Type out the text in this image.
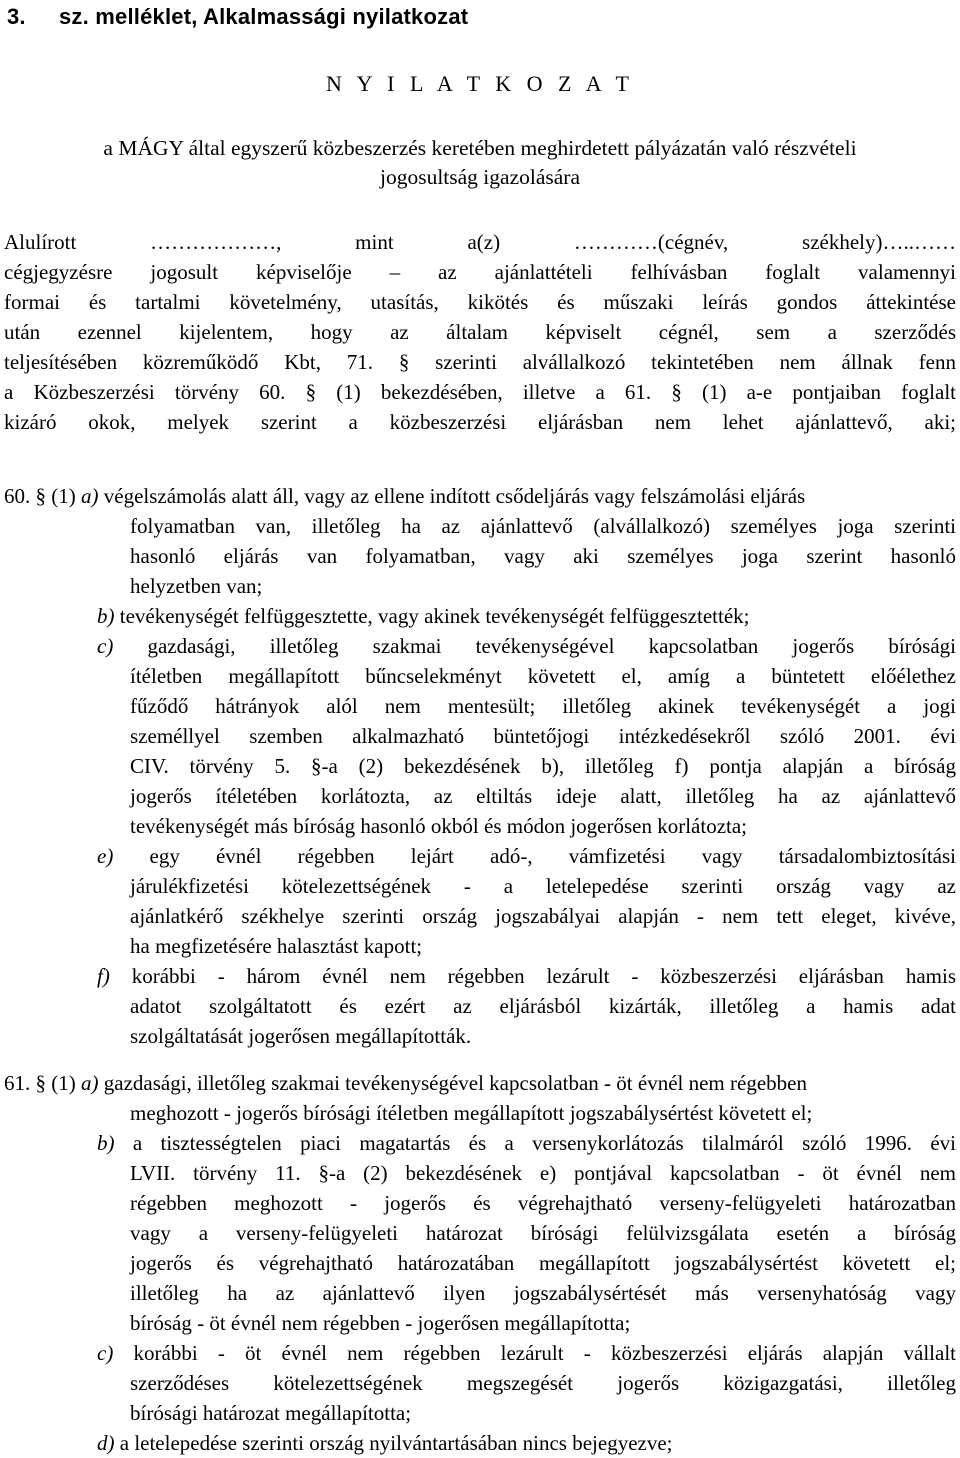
3. sz. melléklet, Alkalmassági nyilatkozat
N Y I L A T K O Z A T
a MÁGY által egyszerű közbeszerzés keretében meghirdetett pályázatán való részvételi
jogosultság igazolására
Alulírott ………………, mint a(z) …………(cégnév, székhely)…..……
cégjegyzésre jogosult képviselője – az ajánlattételi felhívásban foglalt valamennyi
formai és tartalmi követelmény, utasítás, kikötés és műszaki leírás gondos áttekintése
után ezennel kijelentem, hogy az általam képviselt cégnél, sem a szerződés
teljesítésében közreműködő Kbt, 71. § szerinti alvállalkozó tekintetében nem állnak fenn
a Közbeszerzési törvény 60. § (1) bekezdésében, illetve a 61. § (1) a-e pontjaiban foglalt
kizáró okok, melyek szerint a közbeszerzési eljárásban nem lehet ajánlattevő, aki;
60. § (1) a) végelszámolás alatt áll, vagy az ellene indított csődeljárás vagy felszámolási eljárás
folyamatban van, illetőleg ha az ajánlattevő (alvállalkozó) személyes joga szerinti
hasonló eljárás van folyamatban, vagy aki személyes joga szerint hasonló
helyzetben van;
b) tevékenységét felfüggesztette, vagy akinek tevékenységét felfüggesztették;
c) gazdasági, illetőleg szakmai tevékenységével kapcsolatban jogerős bírósági
ítéletben megállapított bűncselekményt követett el, amíg a büntetett előélethez
fűződő hátrányok alól nem mentesült; illetőleg akinek tevékenységét a jogi
személlyel szemben alkalmazható büntetőjogi intézkedésekről szóló 2001. évi
CIV. törvény 5. §-a (2) bekezdésének b), illetőleg f) pontja alapján a bíróság
jogerős ítéletében korlátozta, az eltiltás ideje alatt, illetőleg ha az ajánlattevő
tevékenységét más bíróság hasonló okból és módon jogerősen korlátozta;
e) egy évnél régebben lejárt adó-, vámfizetési vagy társadalombiztosítási
járulékfizetési kötelezettségének - a letelepedése szerinti ország vagy az
ajánlatkérő székhelye szerinti ország jogszabályai alapján - nem tett eleget, kivéve,
ha megfizetésére halasztást kapott;
f) korábbi - három évnél nem régebben lezárult - közbeszerzési eljárásban hamis
adatot szolgáltatott és ezért az eljárásból kizárták, illetőleg a hamis adat
szolgáltatását jogerősen megállapították.
61. § (1) a) gazdasági, illetőleg szakmai tevékenységével kapcsolatban - öt évnél nem régebben
meghozott - jogerős bírósági ítéletben megállapított jogszabálysértést követett el;
b) a tisztességtelen piaci magatartás és a versenykorlátozás tilalmáról szóló 1996. évi
LVII. törvény 11. §-a (2) bekezdésének e) pontjával kapcsolatban - öt évnél nem
régebben meghozott - jogerős és végrehajtható verseny-felügyeleti határozatban
vagy a verseny-felügyeleti határozat bírósági felülvizsgálata esetén a bíróság
jogerős és végrehajtható határozatában megállapított jogszabálysértést követett el;
illetőleg ha az ajánlattevő ilyen jogszabálysértését más versenyhatóság vagy
bíróság - öt évnél nem régebben - jogerősen megállapította;
c) korábbi - öt évnél nem régebben lezárult - közbeszerzési eljárás alapján vállalt
szerződéses kötelezettségének megszegését jogerős közigazgatási, illetőleg
bírósági határozat megállapította;
d) a letelepedése szerinti ország nyilvántartásában nincs bejegyezve;
